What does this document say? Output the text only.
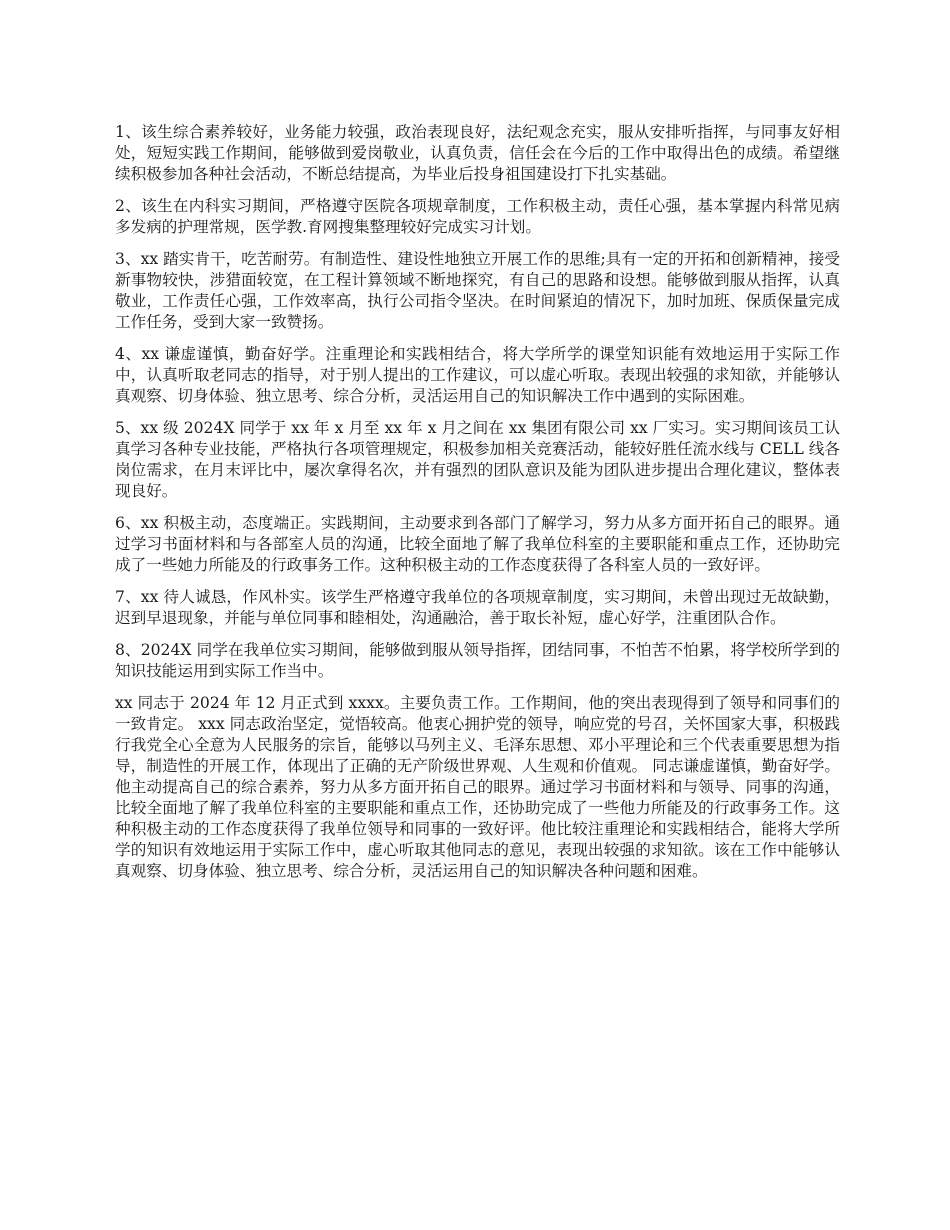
1、该生综合素养较好，业务能力较强，政治表现良好，法纪观念充实，服从安排听指挥，与同事友好相处，短短实践工作期间，能够做到爱岗敬业，认真负责，信任会在今后的工作中取得出色的成绩。希望继续积极参加各种社会活动，不断总结提高，为毕业后投身祖国建设打下扎实基础。

2、该生在内科实习期间，严格遵守医院各项规章制度，工作积极主动，责任心强，基本掌握内科常见病多发病的护理常规，医学教.育网搜集整理较好完成实习计划。

3、xx 踏实肯干，吃苦耐劳。有制造性、建设性地独立开展工作的思维;具有一定的开拓和创新精神，接受新事物较快，涉猎面较宽，在工程计算领域不断地探究，有自己的思路和设想。能够做到服从指挥，认真敬业，工作责任心强，工作效率高，执行公司指令坚决。在时间紧迫的情况下，加时加班、保质保量完成工作任务，受到大家一致赞扬。

4、xx 谦虚谨慎，勤奋好学。注重理论和实践相结合，将大学所学的课堂知识能有效地运用于实际工作中，认真听取老同志的指导，对于别人提出的工作建议，可以虚心听取。表现出较强的求知欲，并能够认真观察、切身体验、独立思考、综合分析，灵活运用自己的知识解决工作中遇到的实际困难。

5、xx 级 2024X 同学于 xx 年 x 月至 xx 年 x 月之间在 xx 集团有限公司 xx 厂实习。实习期间该员工认真学习各种专业技能，严格执行各项管理规定，积极参加相关竞赛活动，能较好胜任流水线与 CELL 线各岗位需求，在月末评比中，屡次拿得名次，并有强烈的团队意识及能为团队进步提出合理化建议，整体表现良好。

6、xx 积极主动，态度端正。实践期间，主动要求到各部门了解学习，努力从多方面开拓自己的眼界。通过学习书面材料和与各部室人员的沟通，比较全面地了解了我单位科室的主要职能和重点工作，还协助完成了一些她力所能及的行政事务工作。这种积极主动的工作态度获得了各科室人员的一致好评。

7、xx 待人诚恳，作风朴实。该学生严格遵守我单位的各项规章制度，实习期间，未曾出现过无故缺勤，迟到早退现象，并能与单位同事和睦相处，沟通融洽，善于取长补短，虚心好学，注重团队合作。

8、2024X 同学在我单位实习期间，能够做到服从领导指挥，团结同事，不怕苦不怕累，将学校所学到的知识技能运用到实际工作当中。

xx 同志于 2024 年 12 月正式到 xxxx。主要负责工作。工作期间，他的突出表现得到了领导和同事们的一致肯定。 xxx 同志政治坚定，觉悟较高。他衷心拥护党的领导，响应党的号召，关怀国家大事，积极践行我党全心全意为人民服务的宗旨，能够以马列主义、毛泽东思想、邓小平理论和三个代表重要思想为指导，制造性的开展工作，体现出了正确的无产阶级世界观、人生观和价值观。 同志谦虚谨慎，勤奋好学。他主动提高自己的综合素养，努力从多方面开拓自己的眼界。通过学习书面材料和与领导、同事的沟通，比较全面地了解了我单位科室的主要职能和重点工作，还协助完成了一些他力所能及的行政事务工作。这种积极主动的工作态度获得了我单位领导和同事的一致好评。他比较注重理论和实践相结合，能将大学所学的知识有效地运用于实际工作中，虚心听取其他同志的意见，表现出较强的求知欲。该在工作中能够认真观察、切身体验、独立思考、综合分析，灵活运用自己的知识解决各种问题和困难。
